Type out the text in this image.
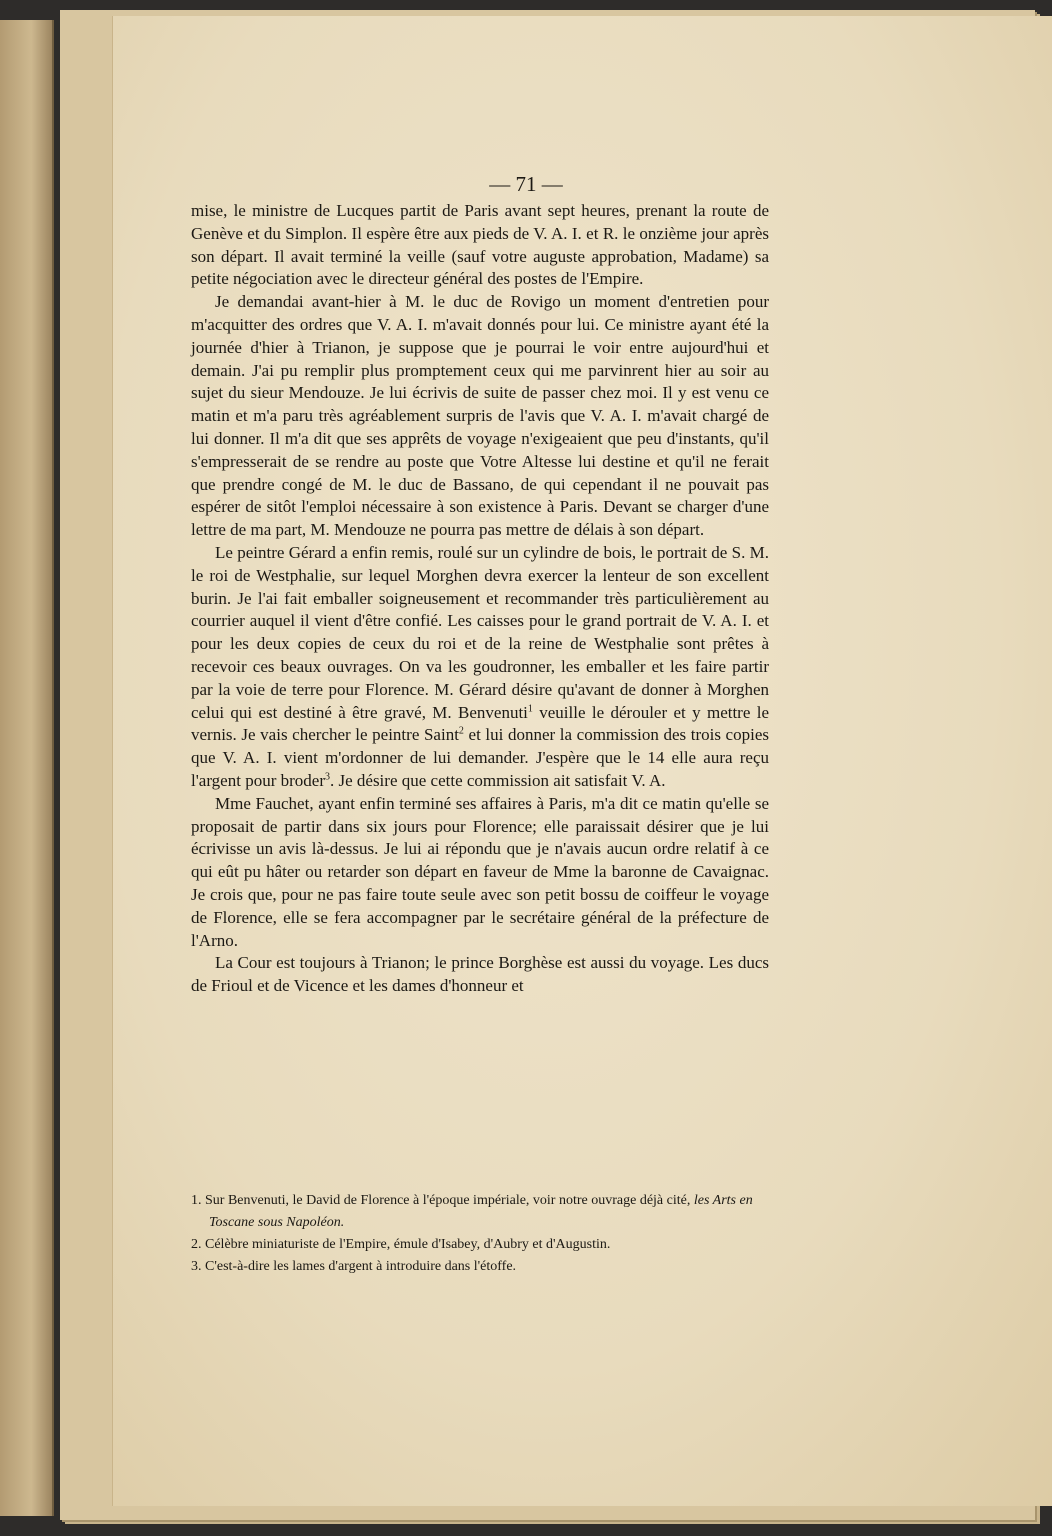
— 71 —

mise, le ministre de Lucques partit de Paris avant sept heures, prenant la route de Genève et du Simplon. Il espère être aux pieds de V. A. I. et R. le onzième jour après son départ. Il avait terminé la veille (sauf votre auguste approbation, Madame) sa petite négociation avec le directeur général des postes de l'Empire.

Je demandai avant-hier à M. le duc de Rovigo un moment d'entretien pour m'acquitter des ordres que V. A. I. m'avait donnés pour lui. Ce ministre ayant été la journée d'hier à Trianon, je suppose que je pourrai le voir entre aujourd'hui et demain. J'ai pu remplir plus promptement ceux qui me parvinrent hier au soir au sujet du sieur Mendouze. Je lui écrivis de suite de passer chez moi. Il y est venu ce matin et m'a paru très agréablement surpris de l'avis que V. A. I. m'avait chargé de lui donner. Il m'a dit que ses apprêts de voyage n'exigeaient que peu d'instants, qu'il s'empresserait de se rendre au poste que Votre Altesse lui destine et qu'il ne ferait que prendre congé de M. le duc de Bassano, de qui cependant il ne pouvait pas espérer de sitôt l'emploi nécessaire à son existence à Paris. Devant se charger d'une lettre de ma part, M. Mendouze ne pourra pas mettre de délais à son départ.

Le peintre Gérard a enfin remis, roulé sur un cylindre de bois, le portrait de S. M. le roi de Westphalie, sur lequel Morghen devra exercer la lenteur de son excellent burin. Je l'ai fait emballer soigneusement et recommander très particulièrement au courrier auquel il vient d'être confié. Les caisses pour le grand portrait de V. A. I. et pour les deux copies de ceux du roi et de la reine de Westphalie sont prêtes à recevoir ces beaux ouvrages. On va les goudronner, les emballer et les faire partir par la voie de terre pour Florence. M. Gérard désire qu'avant de donner à Morghen celui qui est destiné à être gravé, M. Benvenuti$^1$ veuille le dérouler et y mettre le vernis. Je vais chercher le peintre Saint$^2$ et lui donner la commission des trois copies que V. A. I. vient m'ordonner de lui demander. J'espère que le 14 elle aura reçu l'argent pour broder$^3$. Je désire que cette commission ait satisfait V. A.

Mme Fauchet, ayant enfin terminé ses affaires à Paris, m'a dit ce matin qu'elle se proposait de partir dans six jours pour Florence; elle paraissait désirer que je lui écrivisse un avis là-dessus. Je lui ai répondu que je n'avais aucun ordre relatif à ce qui eût pu hâter ou retarder son départ en faveur de Mme la baronne de Cavaignac. Je crois que, pour ne pas faire toute seule avec son petit bossu de coiffeur le voyage de Florence, elle se fera accompagner par le secrétaire général de la préfecture de l'Arno.

La Cour est toujours à Trianon; le prince Borghèse est aussi du voyage. Les ducs de Frioul et de Vicence et les dames d'honneur et

1. Sur Benvenuti, le David de Florence à l'époque impériale, voir notre ouvrage déjà cité, les Arts en Toscane sous Napoléon.
2. Célèbre miniaturiste de l'Empire, émule d'Isabey, d'Aubry et d'Augustin.
3. C'est-à-dire les lames d'argent à introduire dans l'étoffe.
